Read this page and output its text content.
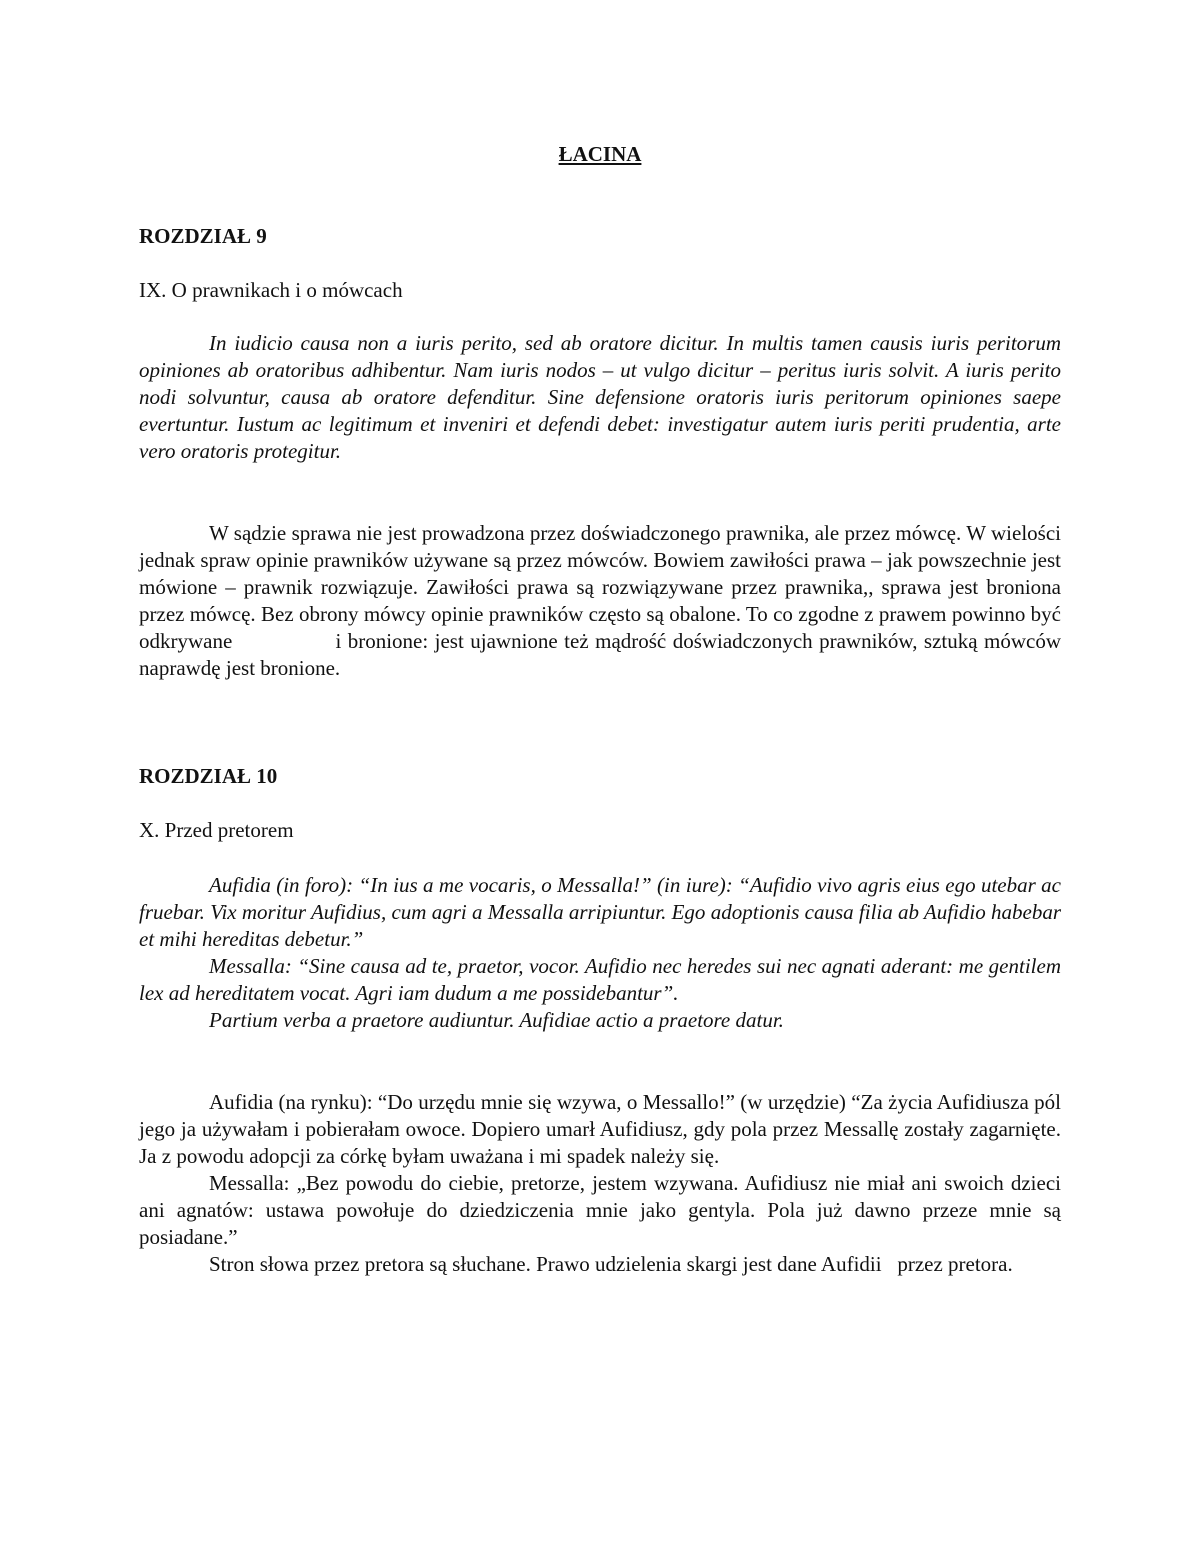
ŁACINA
ROZDZIAŁ 9
IX. O prawnikach i o mówcach

In iudicio causa non a iuris perito, sed ab oratore dicitur. In multis tamen causis iuris peritorum opiniones ab oratoribus adhibentur. Nam iuris nodos – ut vulgo dicitur – peritus iuris solvit. A iuris perito nodi solvuntur, causa ab oratore defenditur. Sine defensione oratoris iuris peritorum opiniones saepe evertuntur. Iustum ac legitimum et inveniri et defendi debet: investigatur autem iuris periti prudentia, arte vero oratoris protegitur.

W sądzie sprawa nie jest prowadzona przez doświadczonego prawnika, ale przez mówcę. W wielości jednak spraw opinie prawników używane są przez mówców. Bowiem zawiłości prawa – jak powszechnie jest mówione – prawnik rozwiązuje. Zawiłości prawa są rozwiązywane przez prawnika,, sprawa jest broniona przez mówcę. Bez obrony mówcy opinie prawników często są obalone. To co zgodne z prawem powinno być odkrywane                i bronione: jest ujawnione też mądrość doświadczonych prawników, sztuką mówców naprawdę jest bronione.

ROZDZIAŁ 10
X. Przed pretorem

Aufidia (in foro): “In ius a me vocaris, o Messalla!” (in iure): “Aufidio vivo agris eius ego utebar ac fruebar. Vix moritur Aufidius, cum agri a Messalla arripiuntur. Ego adoptionis causa filia ab Aufidio habebar et mihi hereditas debetur.”

Messalla: “Sine causa ad te, praetor, vocor. Aufidio nec heredes sui nec agnati aderant: me gentilem lex ad hereditatem vocat. Agri iam dudum a me possidebantur”.

Partium verba a praetore audiuntur. Aufidiae actio a praetore datur.

Aufidia (na rynku): “Do urzędu mnie się wzywa, o Messallo!” (w urzędzie) “Za życia Aufidiusza pól jego ja używałam i pobierałam owoce. Dopiero umarł Aufidiusz, gdy pola przez Messallę zostały zagarnięte. Ja z powodu adopcji za córkę byłam uważana i mi spadek należy się.

Messalla: „Bez powodu do ciebie, pretorze, jestem wzywana. Aufidiusz nie miał ani swoich dzieci ani agnatów: ustawa powołuje do dziedziczenia mnie jako gentyla. Pola już dawno przeze mnie są posiadane.”

Stron słowa przez pretora są słuchane. Prawo udzielenia skargi jest dane Aufidii   przez pretora.
